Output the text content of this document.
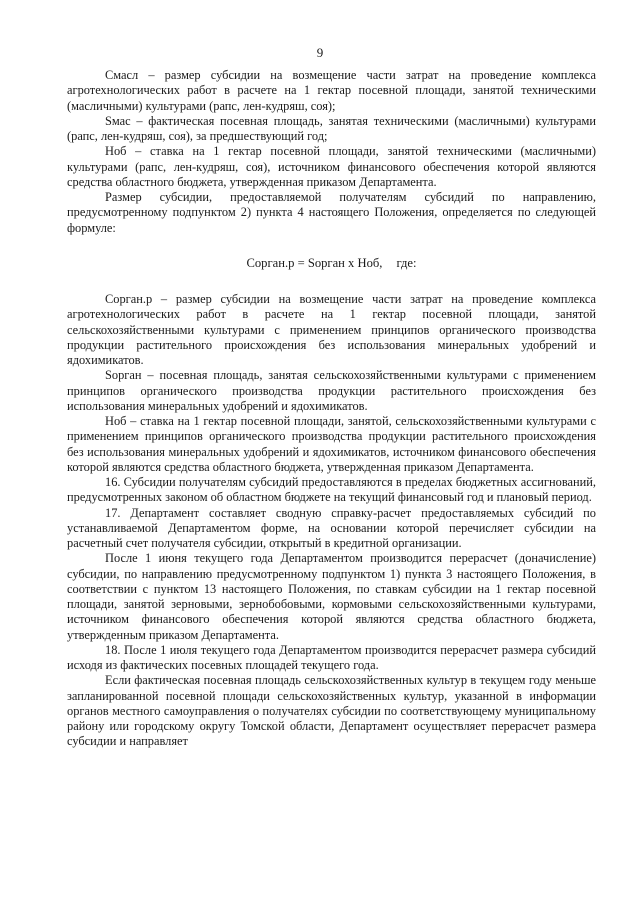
9

Смасл – размер субсидии на возмещение части затрат на проведение комплекса агротехнологических работ в расчете на 1 гектар посевной площади, занятой техническими (масличными) культурами (рапс, лен-кудряш, соя);

Sмас – фактическая посевная площадь, занятая техническими (масличными) культурами (рапс, лен-кудряш, соя), за предшествующий год;

Ноб – ставка на 1 гектар посевной площади, занятой техническими (масличными) культурами (рапс, лен-кудряш, соя), источником финансового обеспечения которой являются средства областного бюджета, утвержденная приказом Департамента.

Размер субсидии, предоставляемой получателям субсидий по направлению, предусмотренному подпунктом 2) пункта 4 настоящего Положения, определяется по следующей формуле:

Сорган.р = Sорган x Ноб, где:

Сорган.р – размер субсидии на возмещение части затрат на проведение комплекса агротехнологических работ в расчете на 1 гектар посевной площади, занятой сельскохозяйственными культурами с применением принципов органического производства продукции растительного происхождения без использования минеральных удобрений и ядохимикатов.

Sорган – посевная площадь, занятая сельскохозяйственными культурами с применением принципов органического производства продукции растительного происхождения без использования минеральных удобрений и ядохимикатов.

Ноб – ставка на 1 гектар посевной площади, занятой, сельскохозяйственными культурами с применением принципов органического производства продукции растительного происхождения без использования минеральных удобрений и ядохимикатов, источником финансового обеспечения которой являются средства областного бюджета, утвержденная приказом Департамента.

16. Субсидии получателям субсидий предоставляются в пределах бюджетных ассигнований, предусмотренных законом об областном бюджете на текущий финансовый год и плановый период.

17. Департамент составляет сводную справку-расчет предоставляемых субсидий по устанавливаемой Департаментом форме, на основании которой перечисляет субсидии на расчетный счет получателя субсидии, открытый в кредитной организации.

После 1 июня текущего года Департаментом производится перерасчет (доначисление) субсидии, по направлению предусмотренному подпунктом 1) пункта 3 настоящего Положения, в соответствии с пунктом 13 настоящего Положения, по ставкам субсидии на 1 гектар посевной площади, занятой зерновыми, зернобобовыми, кормовыми сельскохозяйственными культурами, источником финансового обеспечения которой являются средства областного бюджета, утвержденным приказом Департамента.

18. После 1 июля текущего года Департаментом производится перерасчет размера субсидий исходя из фактических посевных площадей текущего года.

Если фактическая посевная площадь сельскохозяйственных культур в текущем году меньше запланированной посевной площади сельскохозяйственных культур, указанной в информации органов местного самоуправления о получателях субсидии по соответствующему муниципальному району или городскому округу Томской области, Департамент осуществляет перерасчет размера субсидии и направляет
